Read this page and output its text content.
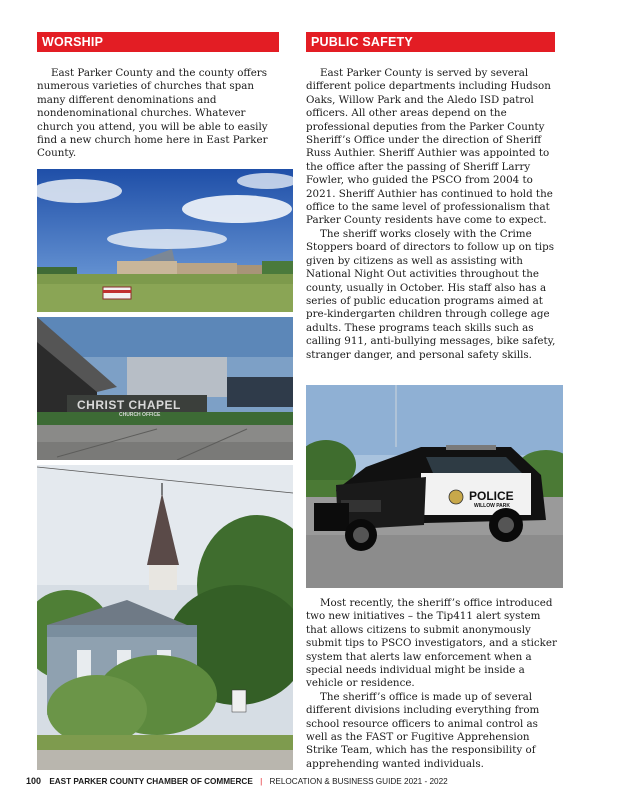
WORSHIP

East Parker County and the county offers numerous varieties of churches that span many different denominations and nondenominational churches. Whatever church you attend, you will be able to easily find a new church home here in East Parker County.

CHRIST CHAPEL
CHURCH OFFICE
PUBLIC SAFETY

East Parker County is served by several different police departments including Hudson Oaks, Willow Park and the Aledo ISD patrol officers. All other areas depend on the professional deputies from the Parker County Sheriff’s Office under the direction of Sheriff Russ Authier. Sheriff Authier was appointed to the office after the passing of Sheriff Larry Fowler, who guided the PSCO from 2004 to 2021. Sheriff Authier has continued to hold the office to the same level of professionalism that Parker County residents have come to expect.

The sheriff works closely with the Crime Stoppers board of directors to follow up on tips given by citizens as well as assisting with National Night Out activities throughout the county, usually in October. His staff also has a series of public education programs aimed at pre-kindergarten children through college age adults. These programs teach skills such as calling 911, anti-bullying messages, bike safety, stranger danger, and personal safety skills.

POLICE
WILLOW PARK

Most recently, the sheriff’s office introduced two new initiatives – the Tip411 alert system that allows citizens to submit anonymously submit tips to PSCO investigators, and a sticker system that alerts law enforcement when a special needs individual might be inside a vehicle or residence.

The sheriff’s office is made up of several different divisions including everything from school resource officers to animal control as well as the FAST or Fugitive Apprehension Strike Team, which has the responsibility of apprehending wanted individuals.

100 EAST PARKER COUNTY CHAMBER OF COMMERCE | RELOCATION & BUSINESS GUIDE 2021 - 2022
